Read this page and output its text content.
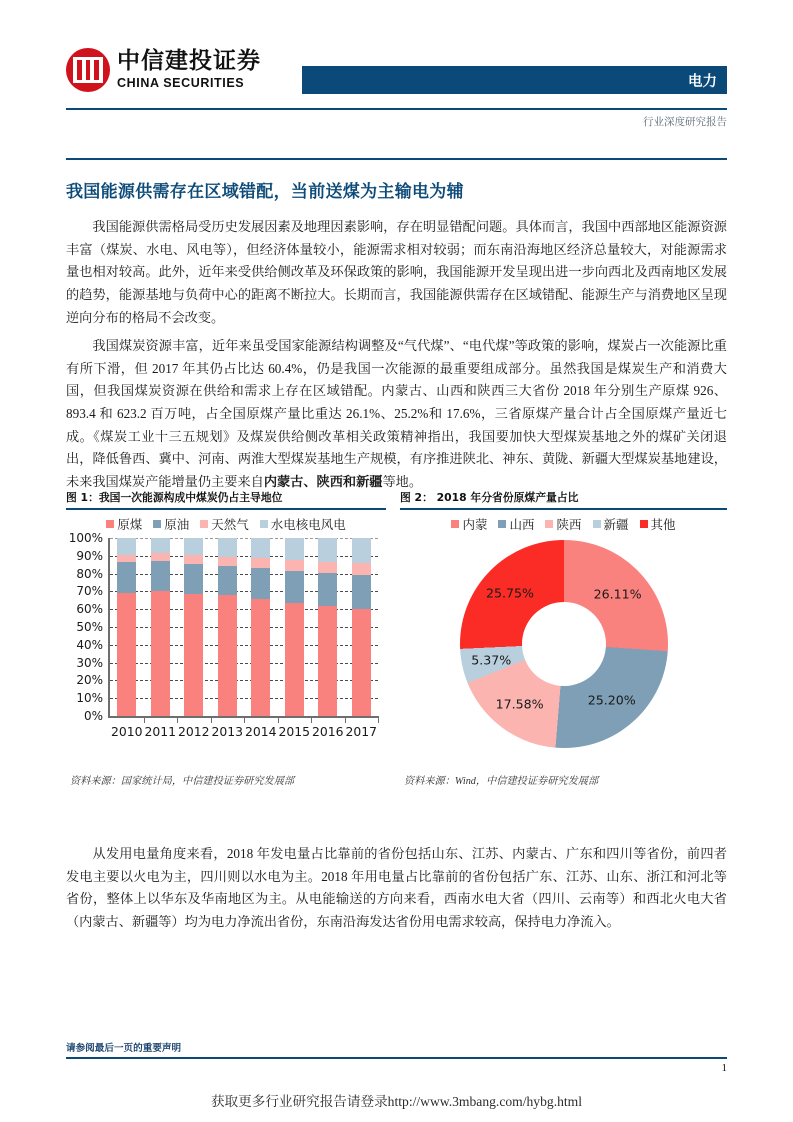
中信建投证券
CHINA SECURITIES	电力
行业深度研究报告
我国能源供需存在区域错配，当前送煤为主输电为辅

我国能源供需格局受历史发展因素及地理因素影响，存在明显错配问题。具体而言，我国中西部地区能源资源丰富（煤炭、水电、风电等），但经济体量较小，能源需求相对较弱；而东南沿海地区经济总量较大，对能源需求量也相对较高。此外，近年来受供给侧改革及环保政策的影响，我国能源开发呈现出进一步向西北及西南地区发展的趋势，能源基地与负荷中心的距离不断拉大。长期而言，我国能源供需存在区域错配、能源生产与消费地区呈现逆向分布的格局不会改变。

我国煤炭资源丰富，近年来虽受国家能源结构调整及“气代煤”、“电代煤”等政策的影响，煤炭占一次能源比重有所下滑，但 2017 年其仍占比达 60.4%，仍是我国一次能源的最重要组成部分。虽然我国是煤炭生产和消费大国，但我国煤炭资源在供给和需求上存在区域错配。内蒙古、山西和陕西三大省份 2018 年分别生产原煤 926、893.4 和 623.2 百万吨，占全国原煤产量比重达 26.1%、25.2%和 17.6%，三省原煤产量合计占全国原煤产量近七成。《煤炭工业十三五规划》及煤炭供给侧改革相关政策精神指出，我国要加快大型煤炭基地之外的煤矿关闭退出，降低鲁西、冀中、河南、两淮大型煤炭基地生产规模，有序推进陕北、神东、黄陇、新疆大型煤炭基地建设，未来我国煤炭产能增量仍主要来自内蒙古、陕西和新疆等地。

图 1：我国一次能源构成中煤炭仍占主导地位	图 2： 2018 年分省份原煤产量占比
原煤 原油 天然气 水电核电风电
0%
10%
20%
30%
40%
50%
60%
70%
80%
90%
100%
2010 2011 2012 2013 2014 2015 2016 2017
内蒙 山西 陕西 新疆 其他
26.11%
25.20%
17.58%
5.37%
25.75%
资料来源：国家统计局，中信建投证券研究发展部	资料来源：Wind，中信建投证券研究发展部

从发用电量角度来看，2018 年发电量占比靠前的省份包括山东、江苏、内蒙古、广东和四川等省份，前四者发电主要以火电为主，四川则以水电为主。2018 年用电量占比靠前的省份包括广东、江苏、山东、浙江和河北等省份，整体上以华东及华南地区为主。从电能输送的方向来看，西南水电大省（四川、云南等）和西北火电大省（内蒙古、新疆等）均为电力净流出省份，东南沿海发达省份用电需求较高，保持电力净流入。

请参阅最后一页的重要声明
1
获取更多行业研究报告请登录http://www.3mbang.com/hybg.html
